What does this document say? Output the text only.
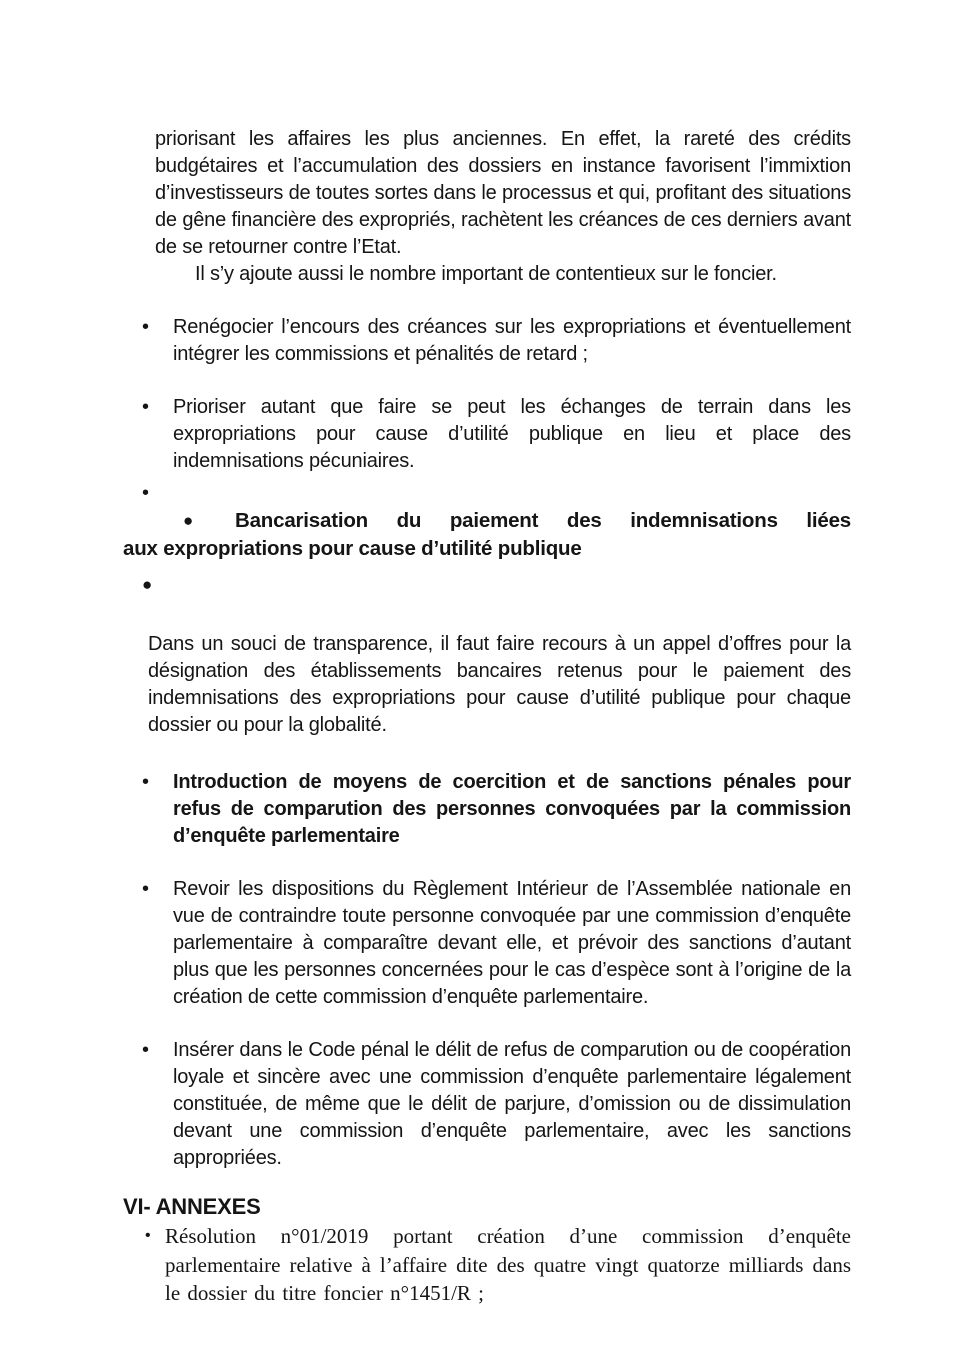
priorisant les affaires les plus anciennes. En effet, la rareté des crédits budgétaires et l’accumulation des dossiers en instance favorisent l’immixtion d’investisseurs de toutes sortes dans le processus et qui, profitant des situations de gêne financière des expropriés, rachètent les créances de ces derniers avant de se retourner contre l’Etat.

Il s’y ajoute aussi le nombre important de contentieux sur le foncier.

•	Renégocier l’encours des créances sur les expropriations et éventuellement intégrer les commissions et pénalités de retard ;

•	Prioriser autant que faire se peut les échanges de terrain dans les expropriations pour cause d’utilité publique en lieu et place des indemnisations pécuniaires.

•
●	Bancarisation du paiement des indemnisations liées
aux expropriations pour cause d’utilité publique
●

Dans un souci de transparence, il faut faire recours à un appel d’offres pour la désignation des établissements bancaires retenus pour le paiement des indemnisations des expropriations pour cause d’utilité publique pour chaque dossier ou pour la globalité.

•	Introduction de moyens de coercition et de sanctions pénales pour refus de comparution des personnes convoquées par la commission d’enquête parlementaire

•	Revoir les dispositions du Règlement Intérieur de l’Assemblée nationale en vue de contraindre toute personne convoquée par une commission d’enquête parlementaire à comparaître devant elle, et prévoir des sanctions d’autant plus que les personnes concernées pour le cas d’espèce sont à l’origine de la création de cette commission d’enquête parlementaire.

•	Insérer dans le Code pénal le délit de refus de comparution ou de coopération loyale et sincère avec une commission d’enquête parlementaire légalement constituée, de même que le délit de parjure, d’omission ou de dissimulation devant une commission d’enquête parlementaire, avec les sanctions appropriées.

VI- ANNEXES
• Résolution n°01/2019 portant création d’une commission d’enquête parlementaire relative à l’affaire dite des quatre vingt quatorze milliards dans le dossier du titre foncier n°1451/R ;
